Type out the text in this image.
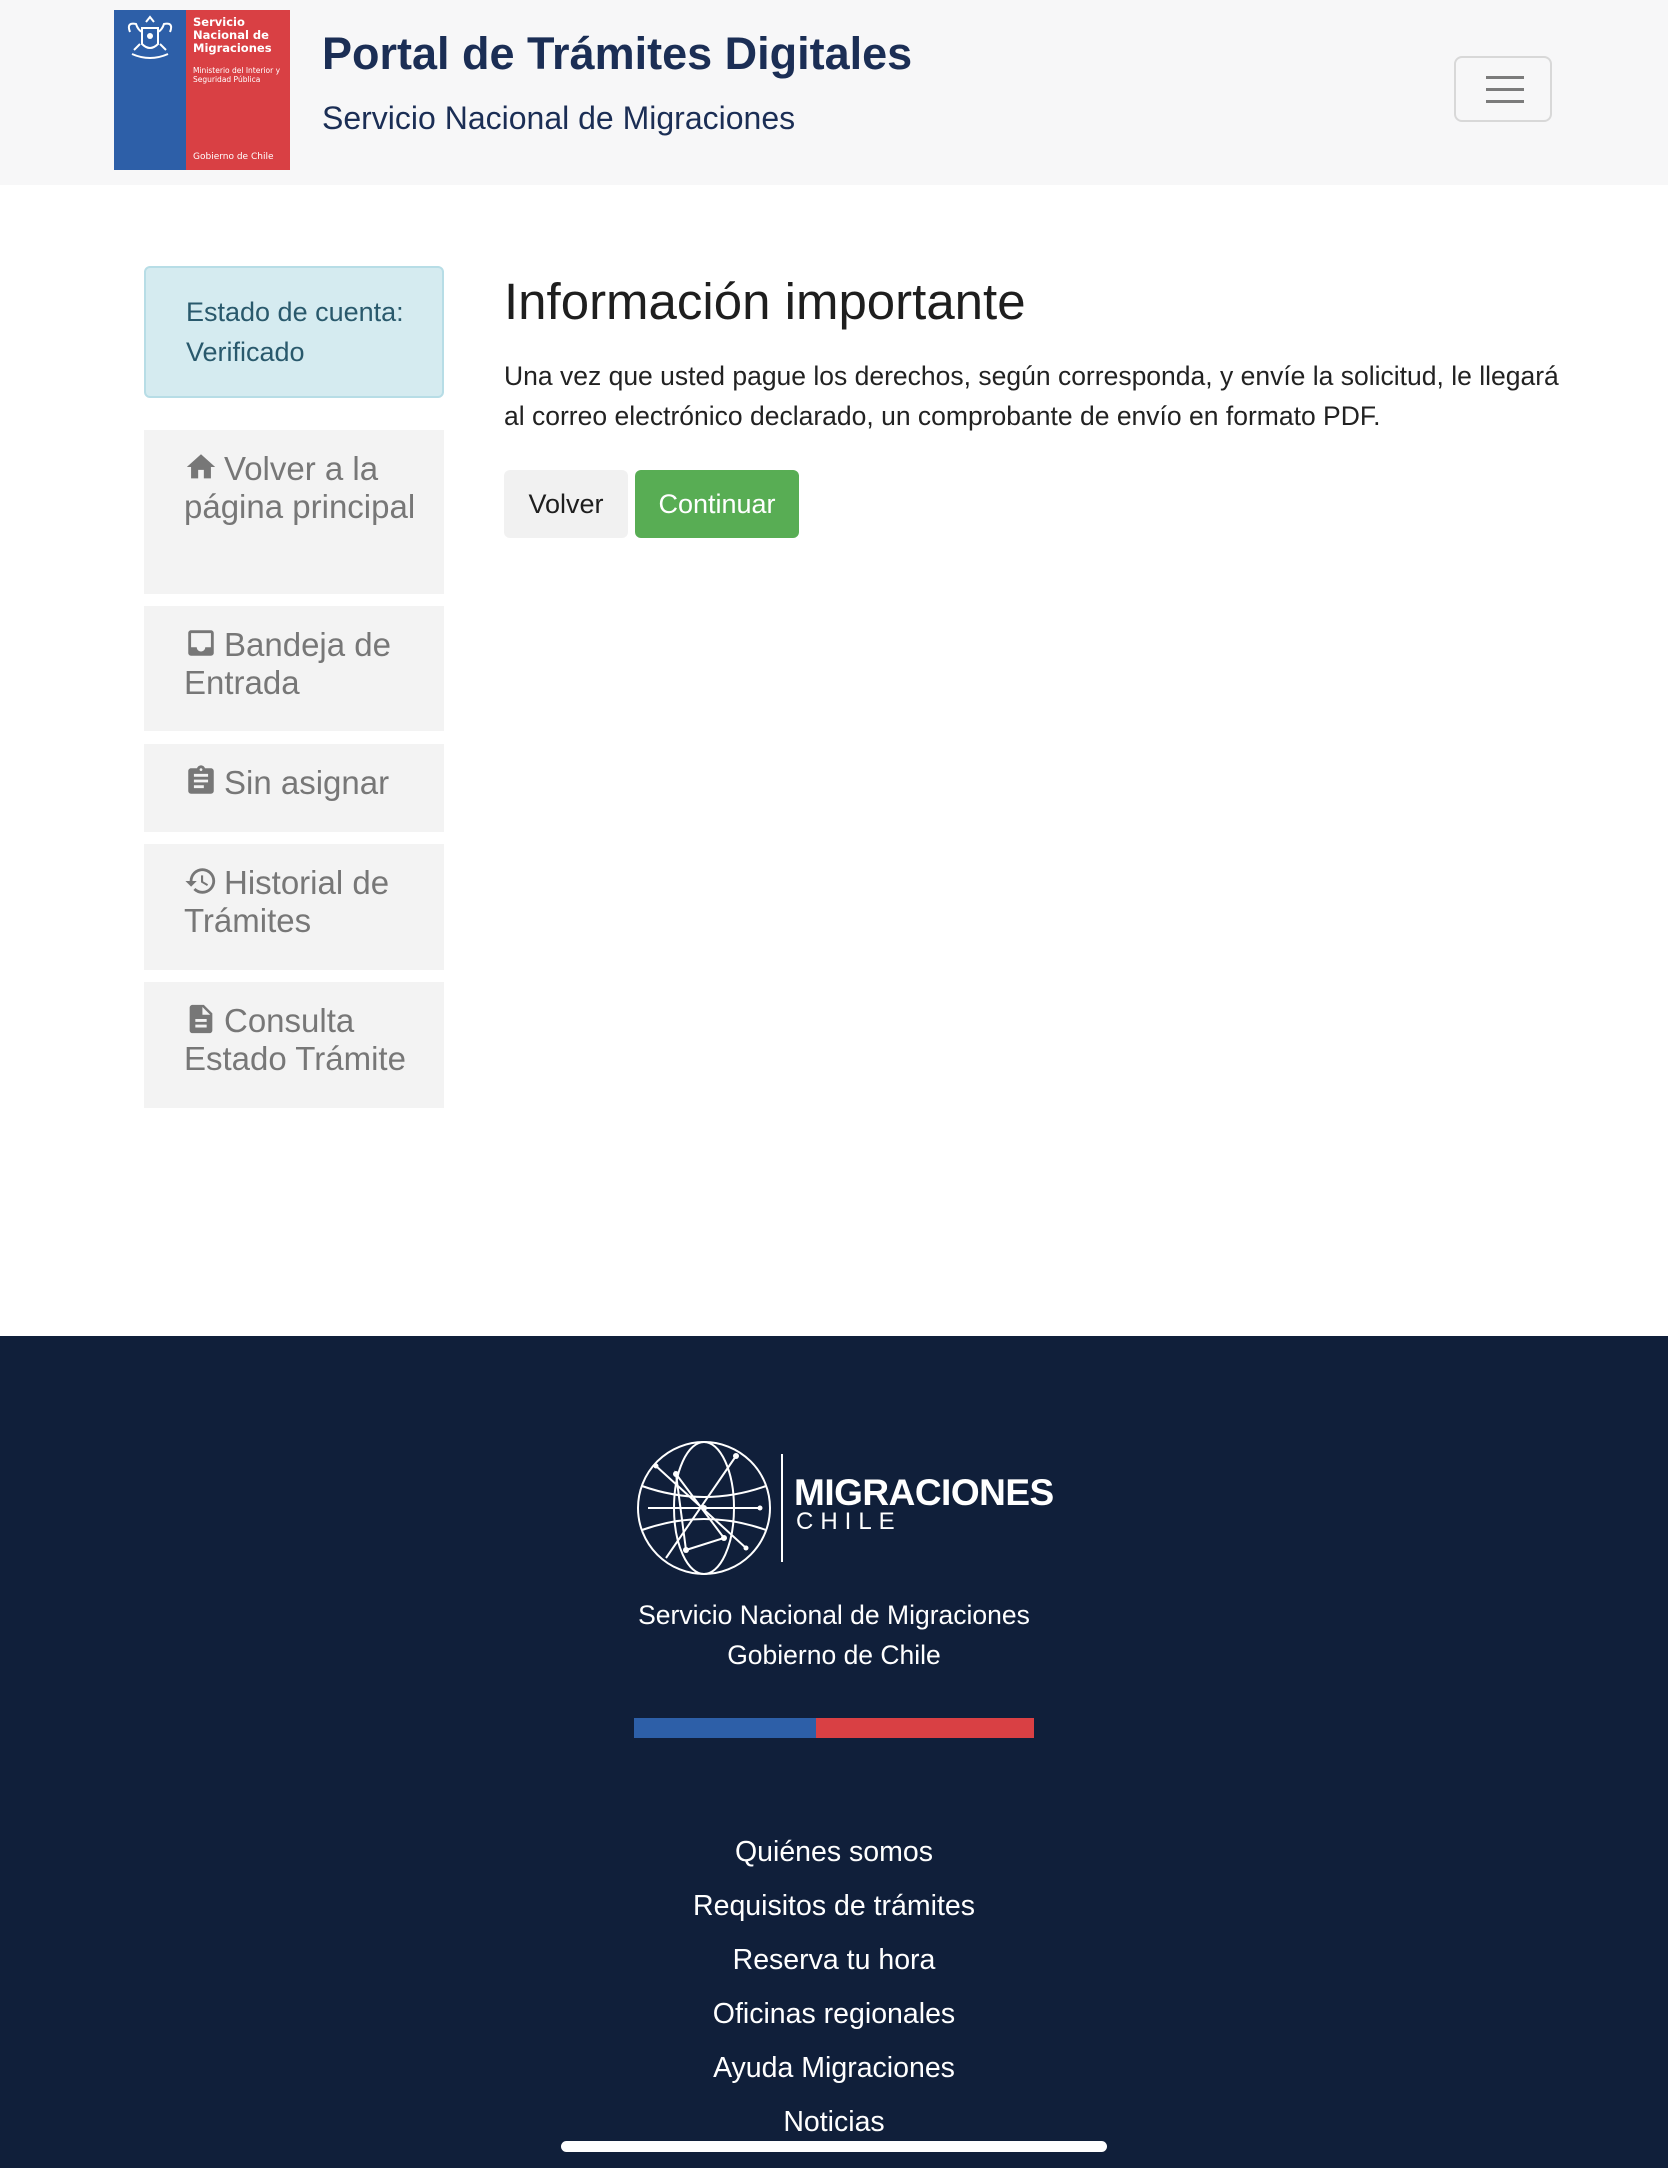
Servicio Nacional de Migraciones
Ministerio del Interior y Seguridad Pública
Gobierno de Chile
Portal de Trámites Digitales
Servicio Nacional de Migraciones
Estado de cuenta:
Verificado
Volver a la página principal
Bandeja de Entrada
Sin asignar
Historial de Trámites
Consulta Estado Trámite
Información importante
Una vez que usted pague los derechos, según corresponda, y envíe la solicitud, le llegará al correo electrónico declarado, un comprobante de envío en formato PDF.
Volver	Continuar
MIGRACIONES
CHILE
Servicio Nacional de Migraciones
Gobierno de Chile
Quiénes somos
Requisitos de trámites
Reserva tu hora
Oficinas regionales
Ayuda Migraciones
Noticias
